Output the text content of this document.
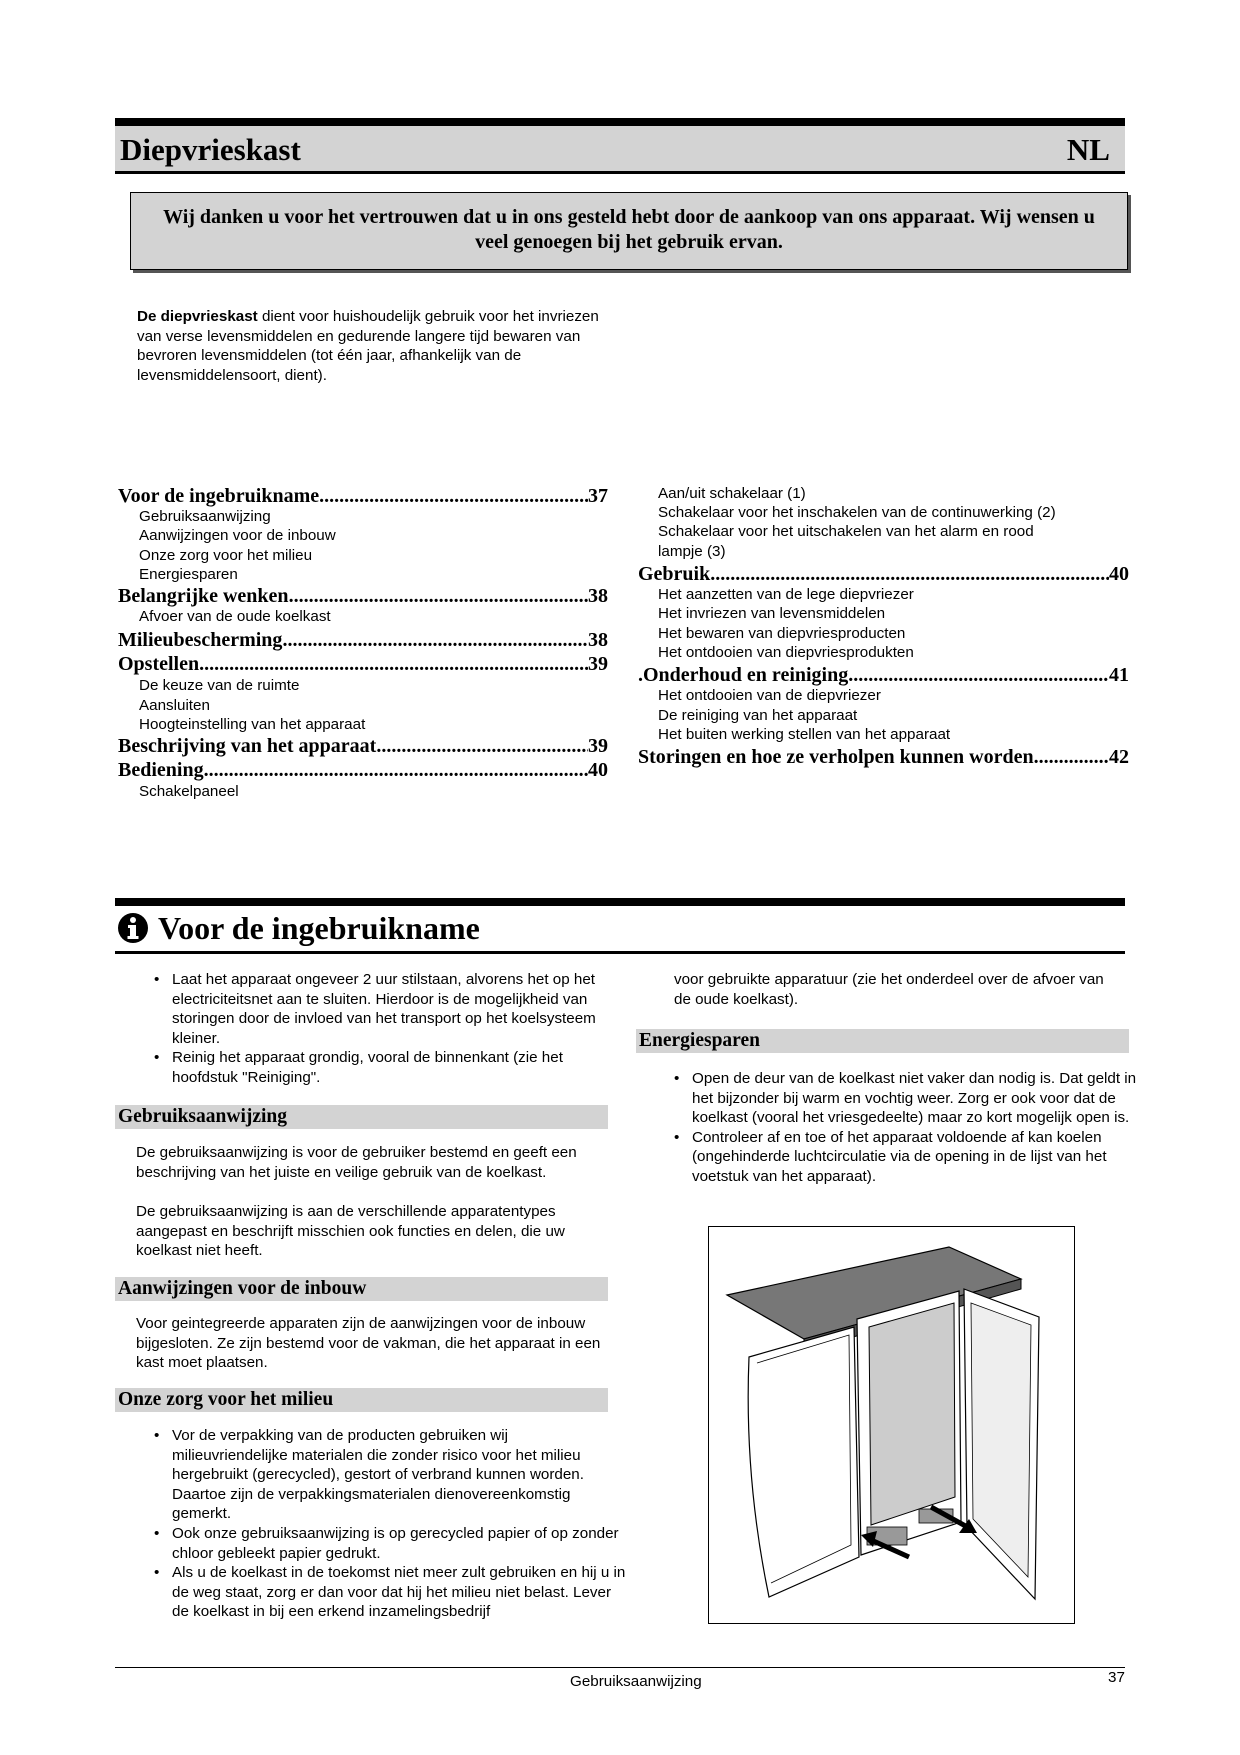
Diepvrieskast	NL
Wij danken u voor het vertrouwen dat u in ons gesteld hebt door de aankoop van ons apparaat. Wij wensen u veel genoegen bij het gebruik ervan.
De diepvrieskast dient voor huishoudelijk gebruik voor het invriezen van verse levensmiddelen en gedurende langere tijd bewaren van bevroren levensmiddelen (tot één jaar, afhankelijk van de levensmiddelensoort, dient).
Voor de ingebruikname .....	37
Gebruiksaanwijzing
Aanwijzingen voor de inbouw
Onze zorg voor het milieu
Energiesparen
Belangrijke wenken .....	38
Afvoer van de oude koelkast
Milieubescherming .....	38
Opstellen .....	39
De keuze van de ruimte
Aansluiten
Hoogteinstelling van het apparaat
Beschrijving van het apparaat .....	39
Bediening .....	40
Schakelpaneel
Aan/uit schakelaar (1)
Schakelaar voor het inschakelen van de continuwerking (2)
Schakelaar voor het uitschakelen van het alarm en rood
lampje (3)
Gebruik .....	40
Het aanzetten van de lege diepvriezer
Het invriezen van levensmiddelen
Het bewaren van diepvriesproducten
Het ontdooien van diepvriesprodukten
.Onderhoud en reiniging .....	41
Het ontdooien van de diepvriezer
De reiniging van het apparaat
Het buiten werking stellen van het apparaat
Storingen en hoe ze verholpen kunnen worden .....	42
Voor de ingebruikname
• Laat het apparaat ongeveer 2 uur stilstaan, alvorens het op het electriciteitsnet aan te sluiten. Hierdoor is de mogelijkheid van storingen door de invloed van het transport op het koelsysteem kleiner.
• Reinig het apparaat grondig, vooral de binnenkant (zie het hoofdstuk "Reiniging".
Gebruiksaanwijzing
De gebruiksaanwijzing is voor de gebruiker bestemd en geeft een beschrijving van het juiste en veilige gebruik van de koelkast.
De gebruiksaanwijzing is aan de verschillende apparatentypes aangepast en beschrijft misschien ook functies en delen, die uw koelkast niet heeft.
Aanwijzingen voor de inbouw
Voor geintegreerde apparaten zijn de aanwijzingen voor de inbouw bijgesloten. Ze zijn bestemd voor de vakman, die het apparaat in een kast moet plaatsen.
Onze zorg voor het milieu
• Vor de verpakking van de producten gebruiken wij milieuvriendelijke materialen die zonder risico voor het milieu hergebruikt (gerecycled), gestort of verbrand kunnen worden. Daartoe zijn de verpakkingsmaterialen dienovereenkomstig gemerkt.
• Ook onze gebruiksaanwijzing is op gerecycled papier of op zonder chloor gebleekt papier gedrukt.
• Als u de koelkast in de toekomst niet meer zult gebruiken en hij u in de weg staat, zorg er dan voor dat hij het milieu niet belast. Lever de koelkast in bij een erkend inzamelingsbedrijf
voor gebruikte apparatuur (zie het onderdeel over de afvoer van de oude koelkast).
Energiesparen
• Open de deur van de koelkast niet vaker dan nodig is. Dat geldt in het bijzonder bij warm en vochtig weer. Zorg er ook voor dat de koelkast (vooral het vriesgedeelte) maar zo kort mogelijk open is.
• Controleer af en toe of het apparaat voldoende af kan koelen (ongehinderde luchtcirculatie via de opening in de lijst van het voetstuk van het apparaat).
Gebruiksaanwijzing	37
